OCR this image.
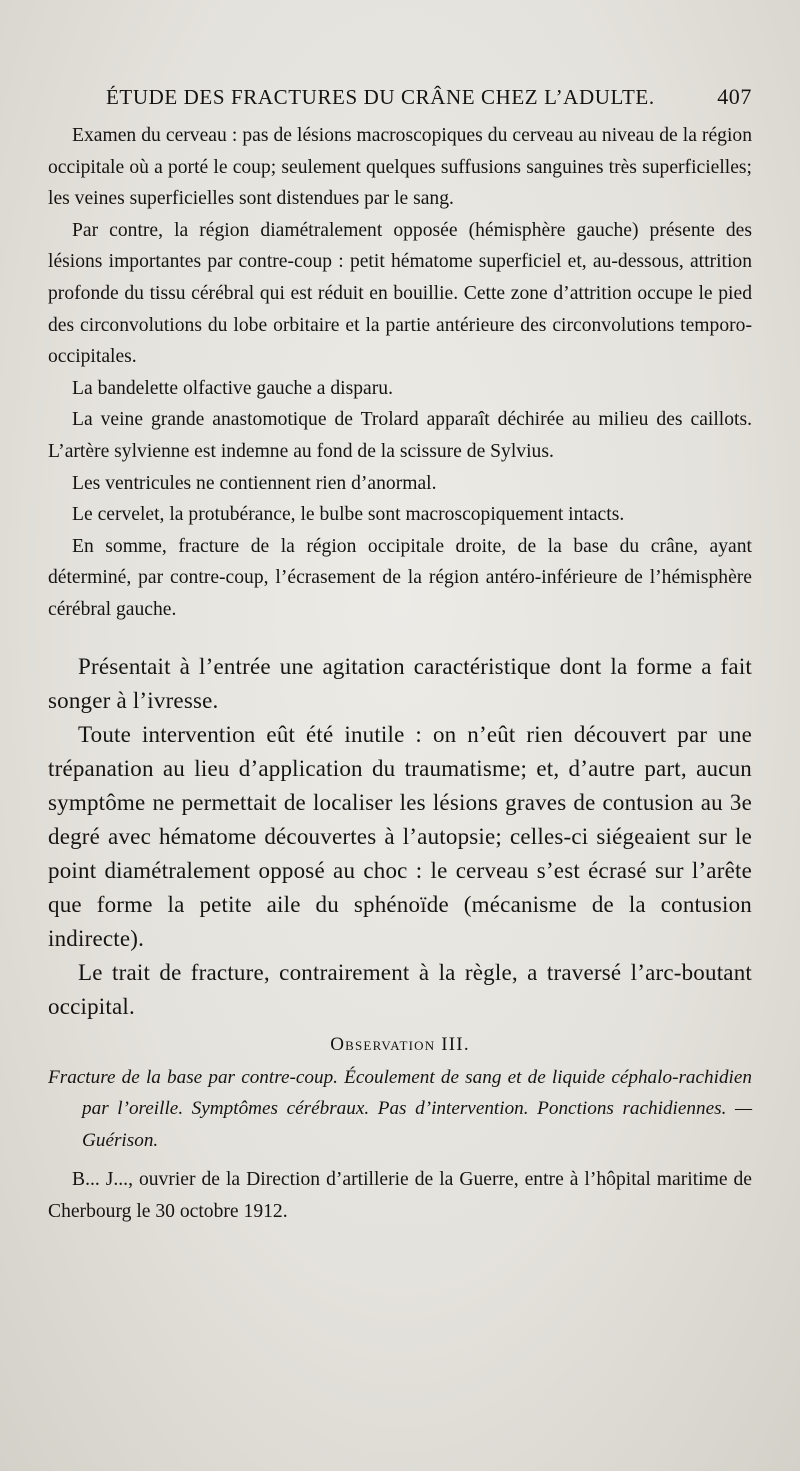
ÉTUDE DES FRACTURES DU CRÂNE CHEZ L’ADULTE.	407

Examen du cerveau : pas de lésions macroscopiques du cerveau au niveau de la région occipitale où a porté le coup; seulement quelques suffusions sanguines très superficielles; les veines superficielles sont distendues par le sang.

Par contre, la région diamétralement opposée (hémisphère gauche) présente des lésions importantes par contre-coup : petit hématome superficiel et, au-dessous, attrition profonde du tissu cérébral qui est réduit en bouillie. Cette zone d’attrition occupe le pied des circonvolutions du lobe orbitaire et la partie antérieure des circonvolutions temporo-occipitales.

La bandelette olfactive gauche a disparu.

La veine grande anastomotique de Trolard apparaît déchirée au milieu des caillots. L’artère sylvienne est indemne au fond de la scissure de Sylvius.

Les ventricules ne contiennent rien d’anormal.

Le cervelet, la protubérance, le bulbe sont macroscopiquement intacts.

En somme, fracture de la région occipitale droite, de la base du crâne, ayant déterminé, par contre-coup, l’écrasement de la région antéro-inférieure de l’hémisphère cérébral gauche.

Présentait à l’entrée une agitation caractéristique dont la forme a fait songer à l’ivresse.

Toute intervention eût été inutile : on n’eût rien découvert par une trépanation au lieu d’application du traumatisme; et, d’autre part, aucun symptôme ne permettait de localiser les lésions graves de contusion au 3e degré avec hématome découvertes à l’autopsie; celles-ci siégeaient sur le point diamétralement opposé au choc : le cerveau s’est écrasé sur l’arête que forme la petite aile du sphénoïde (mécanisme de la contusion indirecte).

Le trait de fracture, contrairement à la règle, a traversé l’arc-boutant occipital.

Observation III.

Fracture de la base par contre-coup. Écoulement de sang et de liquide céphalo-rachidien par l’oreille. Symptômes cérébraux. Pas d’intervention. Ponctions rachidiennes. — Guérison.

B... J..., ouvrier de la Direction d’artillerie de la Guerre, entre à l’hôpital maritime de Cherbourg le 30 octobre 1912.
